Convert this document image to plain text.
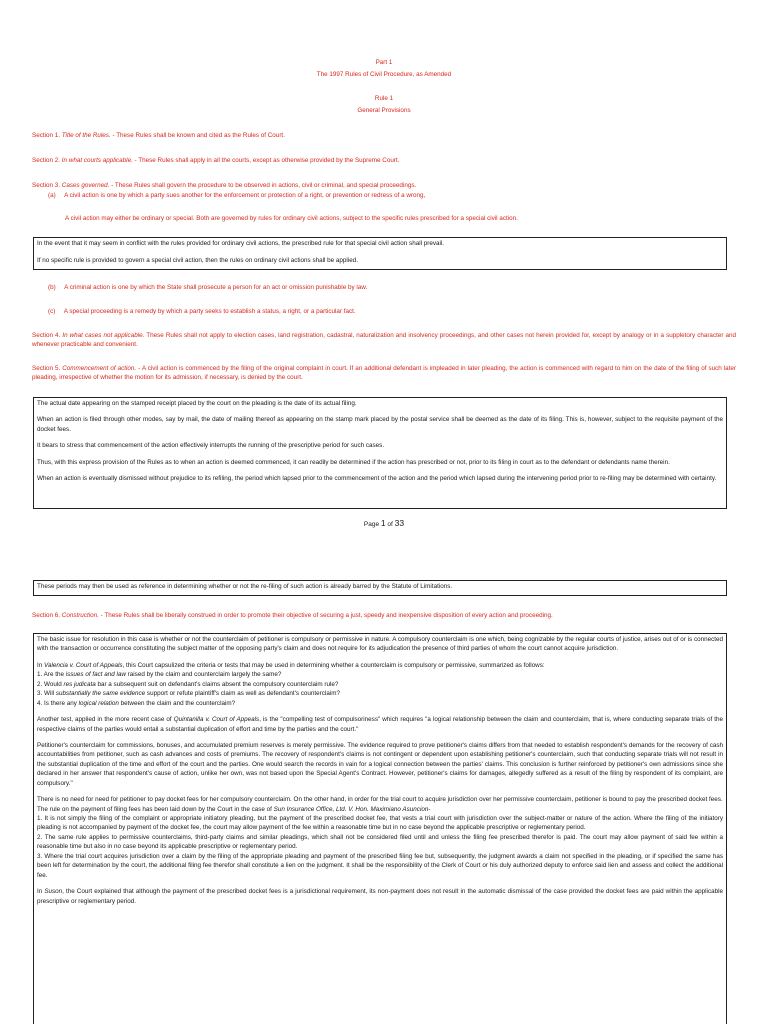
Part 1
The 1997 Rules of Civil Procedure, as Amended
Rule 1
General Provisions
Section 1. Title of the Rules. - These Rules shall be known and cited as the Rules of Court.
Section 2. In what courts applicable. - These Rules shall apply in all the courts, except as otherwise provided by the Supreme Court.
Section 3. Cases governed. - These Rules shall govern the procedure to be observed in actions, civil or criminal, and special proceedings.
(a)     A civil action is one by which a party sues another for the enforcement or protection of a right, or prevention or redress of a wrong,
A civil action may either be ordinary or special. Both are governed by rules for ordinary civil actions, subject to the specific rules prescribed for a special civil action.

In the event that it may seem in conflict with the rules provided for ordinary civil actions, the prescribed rule for that special civil action shall prevail.

If no specific rule is provided to govern a special civil action, then the rules on ordinary civil actions shall be applied.

(b)     A criminal action is one by which the State shall prosecute a person for an act or omission punishable by law.
(c)     A special proceeding is a remedy by which a party seeks to establish a status, a right, or a particular fact.
Section 4. In what cases not applicable. These Rules shall not apply to election cases, land registration, cadastral, naturalization and insolvency proceedings, and other cases not herein provided for, except by analogy or in a suppletory character and whenever practicable and convenient.
Section 5. Commencement of action. - A civil action is commenced by the filing of the original complaint in court. If an additional defendant is impleaded in later pleading, the action is commenced with regard to him on the date of the filing of such later pleading, irrespective of whether the motion for its admission, if necessary, is denied by the court.

The actual date appearing on the stamped receipt placed by the court on the pleading is the date of its actual filing.

When an action is filed through other modes, say by mail, the date of mailing thereof as appearing on the stamp mark placed by the postal service shall be deemed as the date of its filing. This is, however, subject to the requisite payment of the docket fees.

It bears to stress that commencement of the action effectively interrupts the running of the prescriptive period for such cases.

Thus, with this express provision of the Rules as to when an action is deemed commenced, it can readily be determined if the action has prescribed or not, prior to its filing in court as to the defendant or defendants name therein.

When an action is eventually dismissed without prejudice to its refiling, the period which lapsed prior to the commencement of the action and the period which lapsed during the intervening period prior to re-filing may be determined with certainty.

Page 1 of 33
These periods may then be used as reference in determining whether or not the re-filing of such action is already barred by the Statute of Limitations.
Section 6. Construction. - These Rules shall be liberally construed in order to promote their objective of securing a just, speedy and inexpensive disposition of every action and proceeding.

The basic issue for resolution in this case is whether or not the counterclaim of petitioner is compulsory or permissive in nature. A compulsory counterclaim is one which, being cognizable by the regular courts of justice, arises out of or is connected with the transaction or occurrence constituting the subject matter of the opposing party's claim and does not require for its adjudication the presence of third parties of whom the court cannot acquire jurisdiction.

In Valencia v. Court of Appeals, this Court capsulized the criteria or tests that may be used in determining whether a counterclaim is compulsory or permissive, summarized as follows:

1. Are the issues of fact and law raised by the claim and counterclaim largely the same?
2. Would res judicata bar a subsequent suit on defendant's claims absent the compulsory counterclaim rule?
3. Will substantially the same evidence support or refute plaintiff's claim as well as defendant's counterclaim?

4. Is there any logical relation between the claim and the counterclaim?

Another test, applied in the more recent case of Quintanilla v. Court of Appeals, is the "compelling test of compulsoriness" which requires "a logical relationship between the claim and counterclaim, that is, where conducting separate trials of the respective claims of the parties would entail a substantial duplication of effort and time by the parties and the court."

Petitioner's counterclaim for commissions, bonuses, and accumulated premium reserves is merely permissive. The evidence required to prove petitioner's claims differs from that needed to establish respondent's demands for the recovery of cash accountabilities from petitioner, such as cash advances and costs of premiums. The recovery of respondent's claims is not contingent or dependent upon establishing petitioner's counterclaim, such that conducting separate trials will not result in the substantial duplication of the time and effort of the court and the parties. One would search the records in vain for a logical connection between the parties' claims. This conclusion is further reinforced by petitioner's own admissions since she declared in her answer that respondent's cause of action, unlike her own, was not based upon the Special Agent's Contract. However, petitioner's claims for damages, allegedly suffered as a result of the filing by respondent of its complaint, are compulsory."

There is no need for need for petitioner to pay docket fees for her compulsory counterclaim. On the other hand, in order for the trial court to acquire jurisdiction over her permissive counterclaim, petitioner is bound to pay the prescribed docket fees.

The rule on the payment of filing fees has been laid down by the Court in the case of Sun Insurance Office, Ltd. V. Hon. Maximiano Asuncion-
1. It is not simply the filing of the complaint or appropriate initiatory pleading, but the payment of the prescribed docket fee, that vests a trial court with jurisdiction over the subject-matter or nature of the action. Where the filing of the initiatory pleading is not accompanied by payment of the docket fee, the court may allow payment of the fee within a reasonable time but in no case beyond the applicable prescriptive or reglementary period.
2. The same rule applies to permissive counterclaims, third-party claims and similar pleadings, which shall not be considered filed until and unless the filing fee prescribed therefor is paid. The court may allow payment of said fee within a reasonable time but also in no case beyond its applicable prescriptive or reglementary period.

3. Where the trial court acquires jurisdiction over a claim by the filing of the appropriate pleading and payment of the prescribed filing fee but, subsequently, the judgment awards a claim not specified in the pleading, or if specified the same has been left for determination by the court, the additional filing fee therefor shall constitute a lien on the judgment. It shall be the responsibility of the Clerk of Court or his duly authorized deputy to enforce said lien and assess and collect the additional fee.

In Suson, the Court explained that although the payment of the prescribed docket fees is a jurisdictional requirement, its non-payment does not result in the automatic dismissal of the case provided the docket fees are paid within the applicable prescriptive or reglementary period.
